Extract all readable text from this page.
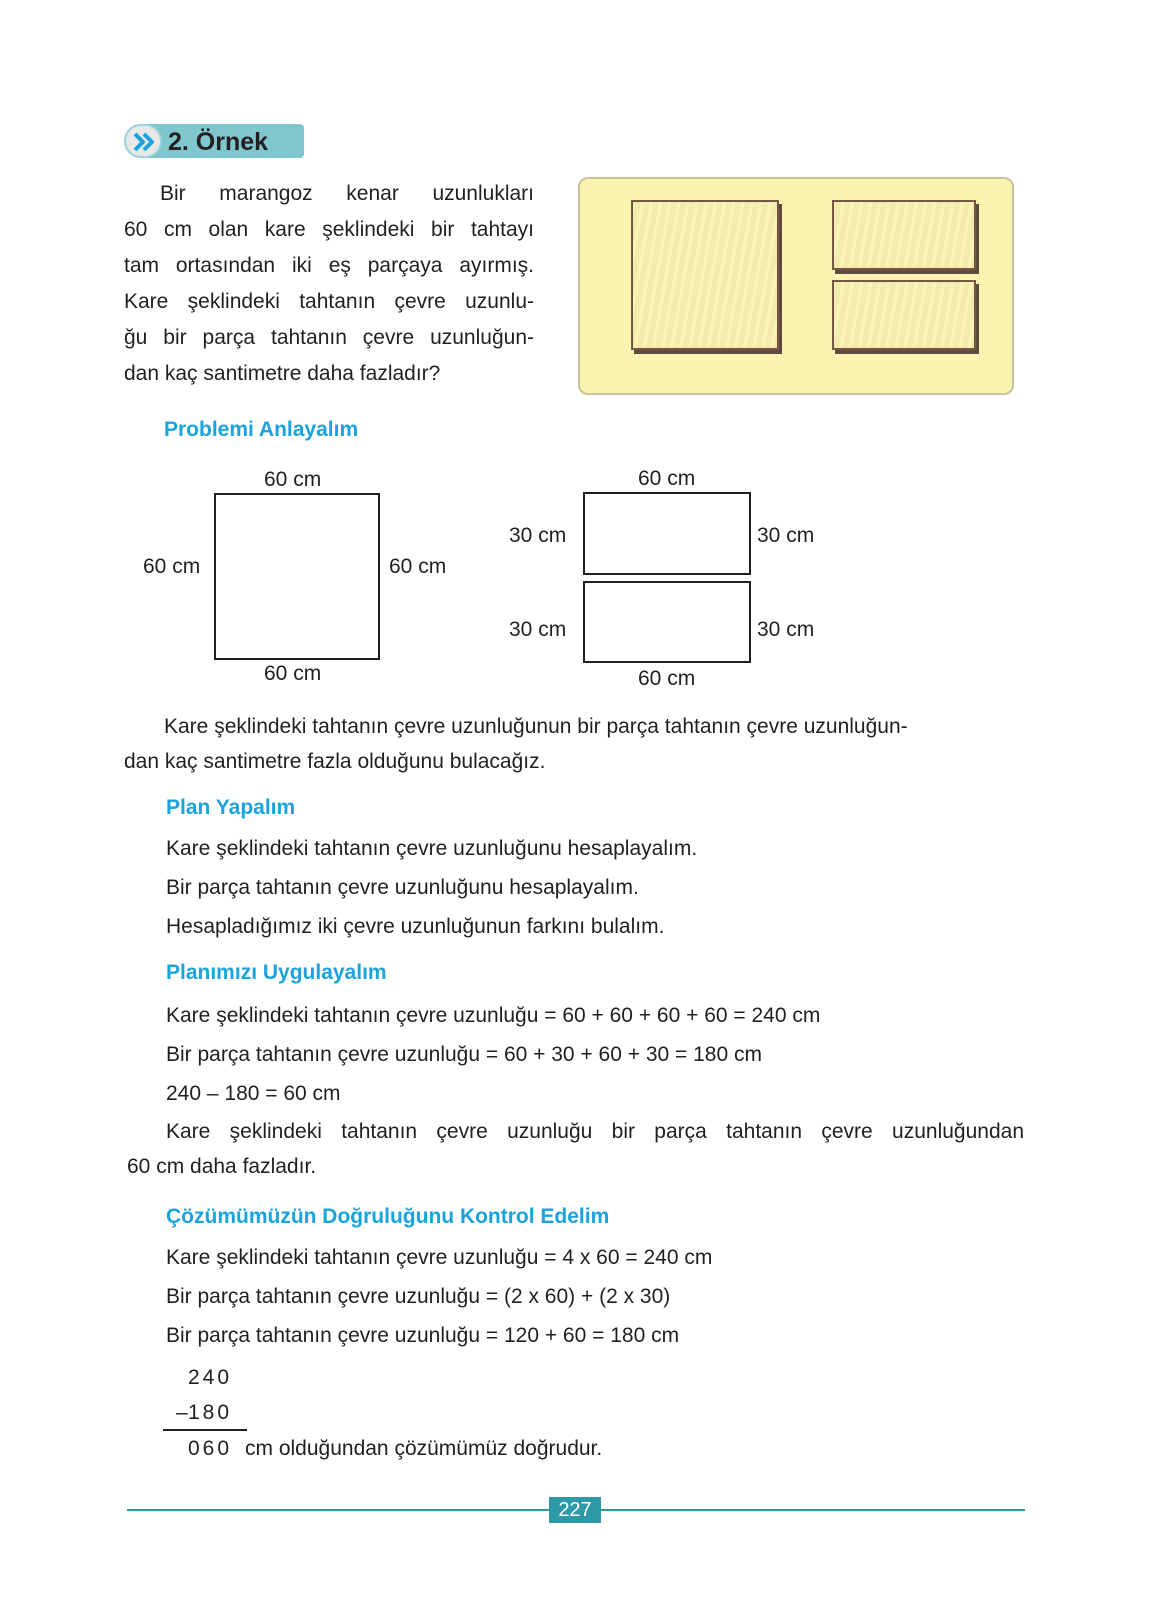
2. Örnek
Bir marangoz kenar uzunlukları
60 cm olan kare şeklindeki bir tahtayı
tam ortasından iki eş parçaya ayırmış.
Kare şeklindeki tahtanın çevre uzunlu-
ğu bir parça tahtanın çevre uzunluğun-
dan kaç santimetre daha fazladır?
Problemi Anlayalım
60 cm
60 cm
60 cm	60 cm
60 cm
60 cm
30 cm	30 cm
30 cm	30 cm
Kare şeklindeki tahtanın çevre uzunluğunun bir parça tahtanın çevre uzunluğun-
dan kaç santimetre fazla olduğunu bulacağız.
Plan Yapalım
Kare şeklindeki tahtanın çevre uzunluğunu hesaplayalım.
Bir parça tahtanın çevre uzunluğunu hesaplayalım.
Hesapladığımız iki çevre uzunluğunun farkını bulalım.
Planımızı Uygulayalım
Kare şeklindeki tahtanın çevre uzunluğu = 60 + 60 + 60 + 60 = 240 cm
Bir parça tahtanın çevre uzunluğu = 60 + 30 + 60 + 30 = 180 cm
240 – 180 = 60 cm
Kare şeklindeki tahtanın çevre uzunluğu bir parça tahtanın çevre uzunluğundan
60 cm daha fazladır.
Çözümümüzün Doğruluğunu Kontrol Edelim
Kare şeklindeki tahtanın çevre uzunluğu = 4 x 60 = 240 cm
Bir parça tahtanın çevre uzunluğu = (2 x 60) + (2 x 30)
Bir parça tahtanın çevre uzunluğu = 120 + 60 = 180 cm
240
– 180
060 cm olduğundan çözümümüz doğrudur.
227
